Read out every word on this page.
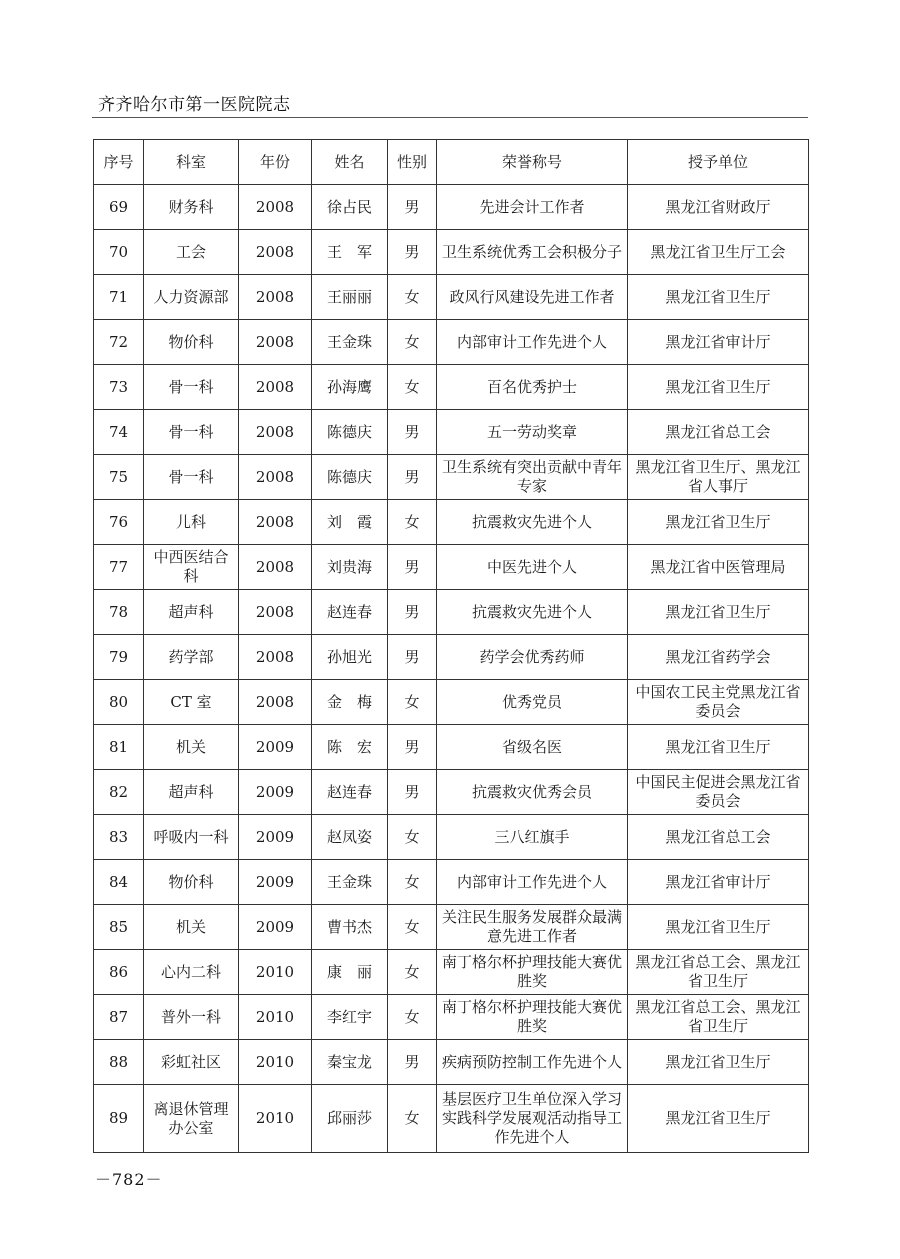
齐齐哈尔市第一医院院志
序号	科室	年份	姓名	性别	荣誉称号	授予单位
69	财务科	2008	徐占民	男	先进会计工作者	黑龙江省财政厅
70	工会	2008	王　军	男	卫生系统优秀工会积极分子	黑龙江省卫生厅工会
71	人力资源部	2008	王丽丽	女	政风行风建设先进工作者	黑龙江省卫生厅
72	物价科	2008	王金珠	女	内部审计工作先进个人	黑龙江省审计厅
73	骨一科	2008	孙海鹰	女	百名优秀护士	黑龙江省卫生厅
74	骨一科	2008	陈德庆	男	五一劳动奖章	黑龙江省总工会
75	骨一科	2008	陈德庆	男	卫生系统有突出贡献中青年专家	黑龙江省卫生厅、黑龙江省人事厅
76	儿科	2008	刘　霞	女	抗震救灾先进个人	黑龙江省卫生厅
77	中西医结合科	2008	刘贵海	男	中医先进个人	黑龙江省中医管理局
78	超声科	2008	赵连春	男	抗震救灾先进个人	黑龙江省卫生厅
79	药学部	2008	孙旭光	男	药学会优秀药师	黑龙江省药学会
80	CT 室	2008	金　梅	女	优秀党员	中国农工民主党黑龙江省委员会
81	机关	2009	陈　宏	男	省级名医	黑龙江省卫生厅
82	超声科	2009	赵连春	男	抗震救灾优秀会员	中国民主促进会黑龙江省委员会
83	呼吸内一科	2009	赵凤姿	女	三八红旗手	黑龙江省总工会
84	物价科	2009	王金珠	女	内部审计工作先进个人	黑龙江省审计厅
85	机关	2009	曹书杰	女	关注民生服务发展群众最满意先进工作者	黑龙江省卫生厅
86	心内二科	2010	康　丽	女	南丁格尔杯护理技能大赛优胜奖	黑龙江省总工会、黑龙江省卫生厅
87	普外一科	2010	李红宇	女	南丁格尔杯护理技能大赛优胜奖	黑龙江省总工会、黑龙江省卫生厅
88	彩虹社区	2010	秦宝龙	男	疾病预防控制工作先进个人	黑龙江省卫生厅
89	离退休管理办公室	2010	邱丽莎	女	基层医疗卫生单位深入学习实践科学发展观活动指导工作先进个人	黑龙江省卫生厅
－782－
